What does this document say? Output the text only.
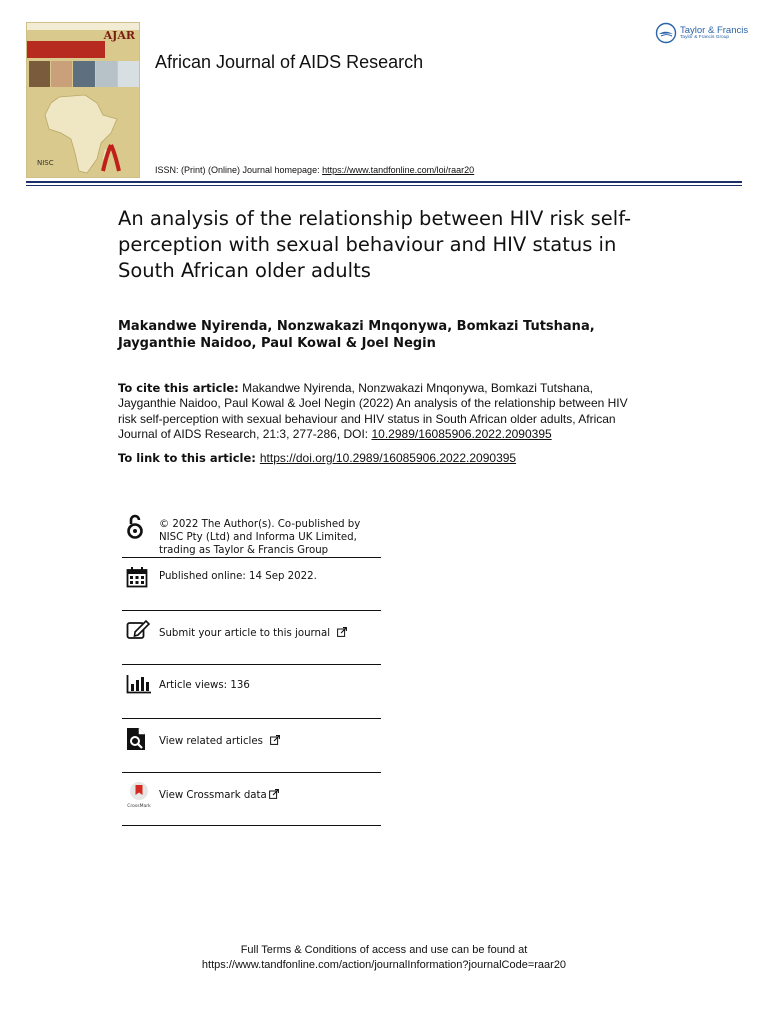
AJAR
NISC
African Journal of AIDS Research
Taylor & Francis
Taylor & Francis Group
ISSN: (Print) (Online) Journal homepage: https://www.tandfonline.com/loi/raar20
An analysis of the relationship between HIV risk self-perception with sexual behaviour and HIV status in South African older adults
Makandwe Nyirenda, Nonzwakazi Mnqonywa, Bomkazi Tutshana, Jayganthie Naidoo, Paul Kowal & Joel Negin
To cite this article: Makandwe Nyirenda, Nonzwakazi Mnqonywa, Bomkazi Tutshana, Jayganthie Naidoo, Paul Kowal & Joel Negin (2022) An analysis of the relationship between HIV risk self-perception with sexual behaviour and HIV status in South African older adults, African Journal of AIDS Research, 21:3, 277-286, DOI: 10.2989/16085906.2022.2090395
To link to this article: https://doi.org/10.2989/16085906.2022.2090395
© 2022 The Author(s). Co-published by NISC Pty (Ltd) and Informa UK Limited, trading as Taylor & Francis Group
Published online: 14 Sep 2022.
Submit your article to this journal
Article views: 136
View related articles
CrossMark
View Crossmark data
Full Terms & Conditions of access and use can be found at
https://www.tandfonline.com/action/journalInformation?journalCode=raar20
